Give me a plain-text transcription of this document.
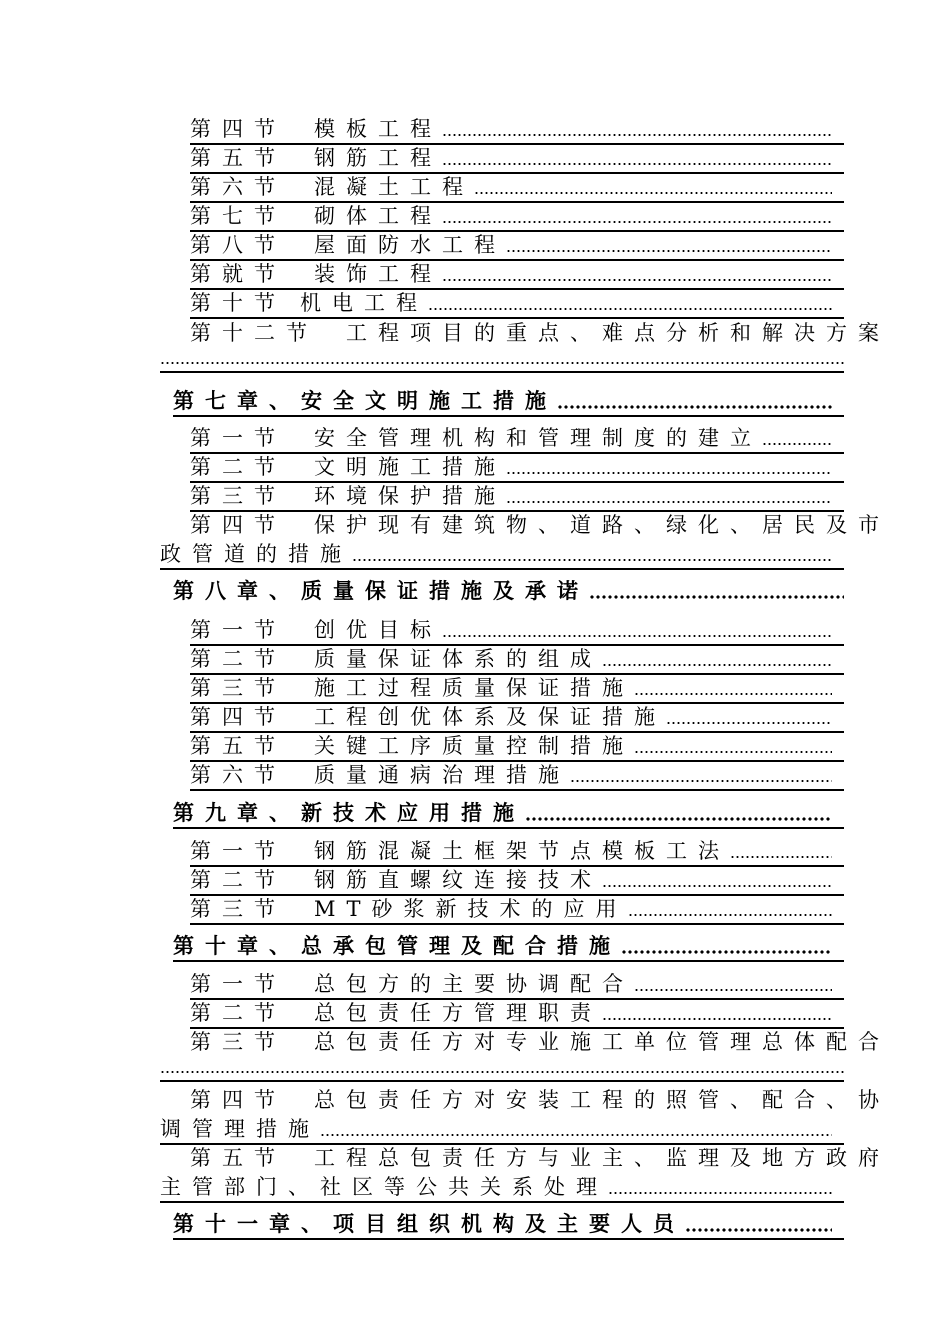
第四节 模板工程
第五节 钢筋工程
第六节 混凝土工程
第七节 砌体工程
第八节 屋面防水工程
第就节 装饰工程
第十节 机电工程
第十二节 工程项目的重点、难点分析和解决方案
第七章、安全文明施工措施
第一节 安全管理机构和管理制度的建立
第二节 文明施工措施
第三节 环境保护措施
第四节 保护现有建筑物、道路、绿化、居民及市
政管道的措施
第八章、质量保证措施及承诺
第一节 创优目标
第二节 质量保证体系的组成
第三节 施工过程质量保证措施
第四节 工程创优体系及保证措施
第五节 关键工序质量控制措施
第六节 质量通病治理措施
第九章、新技术应用措施
第一节 钢筋混凝土框架节点模板工法
第二节 钢筋直螺纹连接技术
第三节 MT砂浆新技术的应用
第十章、总承包管理及配合措施
第一节 总包方的主要协调配合
第二节 总包责任方管理职责
第三节 总包责任方对专业施工单位管理总体配合
第四节 总包责任方对安装工程的照管、配合、协
调管理措施
第五节 工程总包责任方与业主、监理及地方政府
主管部门、社区等公共关系处理
第十一章、项目组织机构及主要人员
